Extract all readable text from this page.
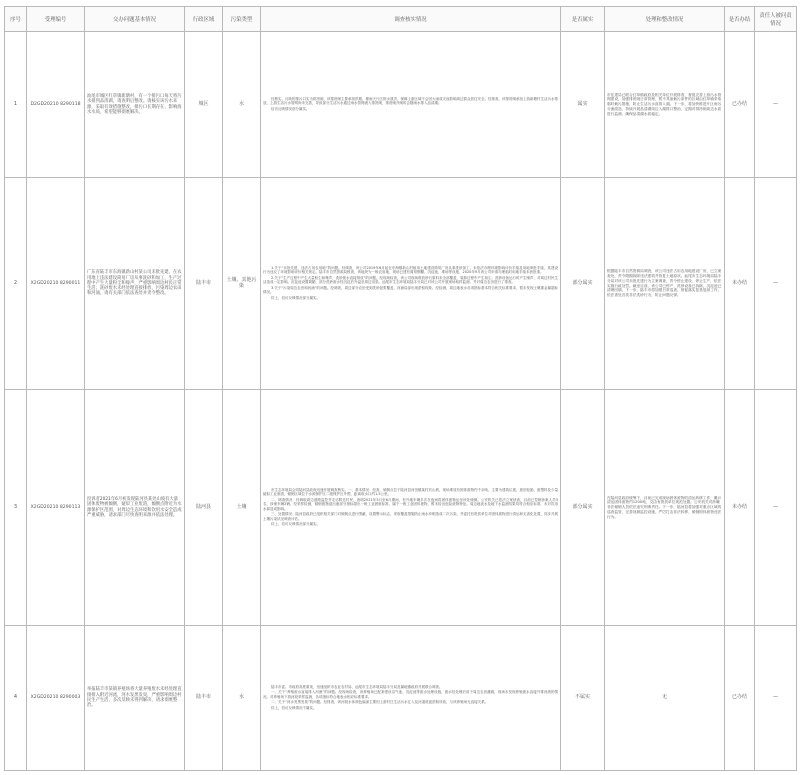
序号	受理编号	交办问题基本情况	行政区域	污染类型	调查核实情况	是否属实	处理和整改情况	是否办结	责任人被问责情况
1	D2GD20210 8290118	汕尾市城区红草镇新塘村，有一个排污口每天将污水排到品清湖，请查明后整改。请核实该污水来源，采取有效措施整改，排污口长期存在，影响海水水质，希望能够彻底解决。	城区	水	经核实，反映的排污口实为排涝闸，该排涝闸主要承担汛期、暴雨天片区排水泄洪，保障上游区域不会因大雨成灾而影响周边群众居住安全。经排查，该排涝闸承担上游新塘村生活污水排放，上游生活污水管网尚未完善，导致部分生活污水通过雨水管网流入排涝闸，排涝闸开闸时会随雨水排入品清湖。

信访反映情况部分属实。	属实	市住建局已联合红草镇政府及相关单位开展排查，督促完善上游污水管网建设，加强排涝闸日常管理，暂不具备截污条件的区域由红草镇采取临时截污措施，防止生活污水直排入湖。下一步，将加快推进片区雨污分流改造，持续开展品清湖周边入湖排口整治，定期对排涝闸周边水质进行监测，确保品清湖水质稳定。	已办结	—
2	X2GD20210 8290011	广东省陆丰市东海镇新山村某公司未批先建，在农用地上违法建设简易厂房从事洗砂和加工，生产过程中产生大量粉尘和噪声，严重影响周边村民正常生活；洗砂废水未经处理直接排放，污染周边农田和河涌，请有关部门依法查处并责令整改。	陆丰市	土壤、其他污染	1.关于“未批先建，违法占用农用地”的问题。经调查，该公司2019年6月起在东海镇新山村租用土地建设简易厂房从事洗砂加工，未依法办理环境影响评价手续及用地审批手续，其建设行为违反了环境影响评价相关规定。陆丰市自然资源局核查，该地块为一般农用地，现场已建有简易钢棚、沉淀池、堆场等设施，2020年9月该公司申请办理临时用地手续未获批准。

2.关于“生产过程中产生大量粉尘和噪声、洗砂废水直接排放”的问题。经现场检查，该公司现场堆放砂石原料未全部覆盖，装卸过程中产生扬尘；洗砂设备运行时产生噪声，对周边村民生活造成一定影响。沉淀池设置简陋，部分洗砂废水经沉淀后外溢至周边沟渠。汕尾市生态环境局陆丰分局已对该公司开展现场取样监测，并对周边农田进行了排查。

3.关于“污染周边农田和河涌”的问题。经调查，周边部分农田受到洗砂泥浆覆盖，河涌局部出现淤积现象。经检测，周边地表水各项指标基本符合相关标准要求，暂未发现土壤重金属超标情况。

综上，信访反映情况部分属实。	部分属实	根据陆丰市自然资源局调查，该公司违法占用农用地建设厂房，已立案查处，责令限期拆除违法建筑并恢复土地原状。汕尾市生态环境局陆丰分局对该公司未批先建行为立案调查，责令停止建设、停止生产，依法实施行政处罚。截至目前，该公司已停产，洗砂设备已拆除，沉淀池已清理回填。下一步，陆丰市将加强日常巡查，督促落实复垦复绿工作，依法查处各类非法洗砂行为，防止问题反弹。	未办结	—
3	X2GD20210 8290113	投诉者2021年6月初发现陆河县某处山坡有大量固体废物被倾倒，疑似工业废渣，倾倒点附近为水源保护区范围，对周边生态环境和饮用水安全造成严重威胁，请求部门尽快查明来源并依法处理。	陆河县	土壤	市生态环境局会同陆河县政府迅速开展调查核实。一、基本情况：经查，倾倒点位于陆河县河田镇某村后山坡，现场堆放有固体废物约千余吨，主要为建筑垃圾、废旧轮胎、废塑料及少量疑似工业废渣，倾倒区域位于水源保护区二级保护区外围，距离取水口约1.5公里。

二、调查情况：经调取周边道路监控并走访附近村民，查明2021年5月至6月期间，有外地车辆多次在夜间将固体废物运至该处倾倒。公安机关已依法立案侦查，目前已控制涉案人员3名，涉案车辆2辆。经采样检测，倾倒废物浸出液部分指标超出一般工业固废标准，属于一般工业固体废物，暂未检出危险废物特征。周边地表水及地下水监测结果均符合相应标准，未对饮用水源造成影响。

三、处置情况：陆河县政府已组织相关部门对倾倒点进行围蔽，设置警示标志，采取覆盖措施防止雨水冲刷造成二次污染，并委托有资质单位对固体废物进行清运和无害化处置，同步开展土壤污染状况调查评估。

综上，信访反映情况部分属实。	部分属实	在陆河县政府统筹下，目前已完成现场固体废物的清运转移工作，累计清运固体废物约1200吨，交由有资质单位规范处置。公安机关对涉嫌非法倾倒人员依法追究刑事责任。下一步，陆河县将加强对重点区域的巡查监管，完善视频监控设施，严厉打击非法转移、倾倒固体废物违法行为。	未办结	—
4	X2GD20210 8290003	举报陆丰市某镇养殖场将大量养殖废水未经处理直接排入附近河流，河水发黑发臭，严重影响周边村民生产生活，多次反映未得到解决，请求彻底整治。	陆丰市	水	陆丰市委、市政府高度重视，迅速组织市农业农村局、汕尾市生态环境局陆丰分局及属地镇政府开展联合调查。

一、关于“养殖废水直接排入河流”的问题。经现场检查，该养殖场已配套建设沼气池、沉淀池等废水处理设施，废水经处理后用于周边农田灌溉，现场未发现养殖废水直接外排河流的情况。对养殖场下游河段采样监测，各项指标符合地表水相应标准要求。

二、关于“河水发黑发臭”的问题。经排查，该河段水体颜色偏深主要因上游村庄生活污水汇入及河道底泥淤积所致，与该养殖场无直接关系。

综上，信访反映情况不属实。	不属实	无	已办结	—
